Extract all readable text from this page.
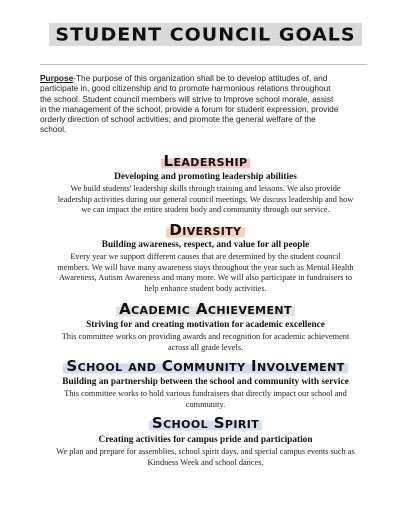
STUDENT COUNCIL GOALS
Purpose-The purpose of this organization shall be to develop attitudes of, and
participate in, good citizenship and to promote harmonious relations throughout
the school. Student council members will strive to Improve school morale, assist
in the management of the school, provide a forum for student expression, provide
orderly direction of school activities; and promote the general welfare of the
school.
Leadership
Developing and promoting leadership abilities
We build students' leadership skills through training and lessons. We also provide
leadership activities during our general council meetings. We discuss leadership and how
we can impact the entire student body and community through our service.
Diversity
Building awareness, respect, and value for all people
Every year we support different causes that are determined by the student council
members. We will have many awareness stays throughout the year such as Mental Health
Awareness, Autism Awareness and many more. We will also participate in fundraisers to
help enhance student body activities.
Academic Achievement
Striving for and creating motivation for academic excellence
This committee works on providing awards and recognition for academic achievement
across all grade levels.
School and Community Involvement
Building an partnership between the school and community with service
This committee works to hold various fundraisers that directly impact our school and
community.
School Spirit
Creating activities for campus pride and participation
We plan and prepare for assemblies, school spirit days, and special campus events such as
Kindness Week and school dances.
